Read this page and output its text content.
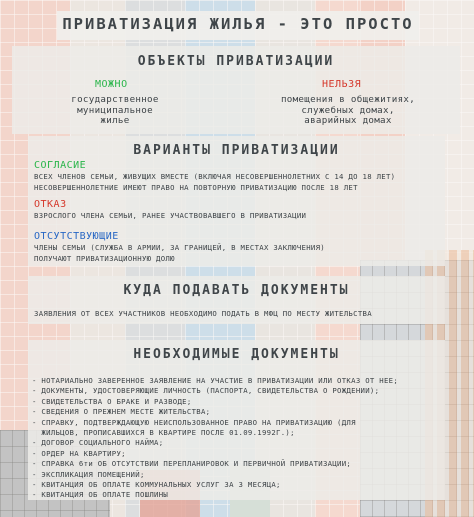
ПРИВАТИЗАЦИЯ ЖИЛЬЯ - ЭТО ПРОСТО
ОБЪЕКТЫ ПРИВАТИЗАЦИИ
МОЖНО
государственное
муниципальное
жилье
НЕЛЬЗЯ
помещения в общежитиях,
служебных домах,
аварийных домах
ВАРИАНТЫ ПРИВАТИЗАЦИИ
СОГЛАСИЕ
ВСЕХ ЧЛЕНОВ СЕМЬИ, ЖИВУЩИХ ВМЕСТЕ (ВКЛЮЧАЯ НЕСОВЕРШЕННОЛЕТНИХ С 14 ДО 18 ЛЕТ)
НЕСОВЕРШЕННОЛЕТНИЕ ИМЕЮТ ПРАВО НА ПОВТОРНУЮ ПРИВАТИЗАЦИЮ ПОСЛЕ 18 ЛЕТ
ОТКАЗ
ВЗРОСЛОГО ЧЛЕНА СЕМЬИ, РАНЕЕ УЧАСТВОВАВШЕГО В ПРИВАТИЗАЦИИ
ОТСУТСТВУЮЩИЕ
ЧЛЕНЫ СЕМЬИ (СЛУЖБА В АРМИИ, ЗА ГРАНИЦЕЙ, В МЕСТАХ ЗАКЛЮЧЕНИЯ)
ПОЛУЧАЮТ ПРИВАТИЗАЦИОННУЮ ДОЛЮ
КУДА ПОДАВАТЬ ДОКУМЕНТЫ
ЗАЯВЛЕНИЯ ОТ ВСЕХ УЧАСТНИКОВ НЕОБХОДИМО ПОДАТЬ В МФЦ ПО МЕСТУ ЖИТЕЛЬСТВА
НЕОБХОДИМЫЕ ДОКУМЕНТЫ
- НОТАРИАЛЬНО ЗАВЕРЕННОЕ ЗАЯВЛЕНИЕ НА УЧАСТИЕ В ПРИВАТИЗАЦИИ ИЛИ ОТКАЗ ОТ НЕЕ;
- ДОКУМЕНТЫ, УДОСТОВЕРЯЮЩИЕ ЛИЧНОСТЬ (ПАСПОРТА, СВИДЕТЕЛЬСТВА О РОЖДЕНИИ);
- СВИДЕТЕЛЬСТВА О БРАКЕ И РАЗВОДЕ;
- СВЕДЕНИЯ О ПРЕЖНЕМ МЕСТЕ ЖИТЕЛЬСТВА;
- СПРАВКУ, ПОДТВЕРЖДАЮЩУЮ НЕИСПОЛЬЗОВАННОЕ ПРАВО НА ПРИВАТИЗАЦИЮ (ДЛЯ
ЖИЛЬЦОВ, ПРОПИСАВШИХСЯ В КВАРТИРЕ ПОСЛЕ 01.09.1992Г.);
- ДОГОВОР СОЦИАЛЬНОГО НАЙМА;
- ОРДЕР НА КВАРТИРУ;
- СПРАВКА 6ти ОБ ОТСУТСТВИИ ПЕРЕПЛАНИРОВОК И ПЕРВИЧНОЙ ПРИВАТИЗАЦИИ;
- ЭКСПЛИКАЦИЯ ПОМЕЩЕНИЙ;
- КВИТАНЦИЯ ОБ ОПЛАТЕ КОММУНАЛЬНЫХ УСЛУГ ЗА 3 МЕСЯЦА;
- КВИТАНЦИЯ ОБ ОПЛАТЕ ПОШЛИНЫ
